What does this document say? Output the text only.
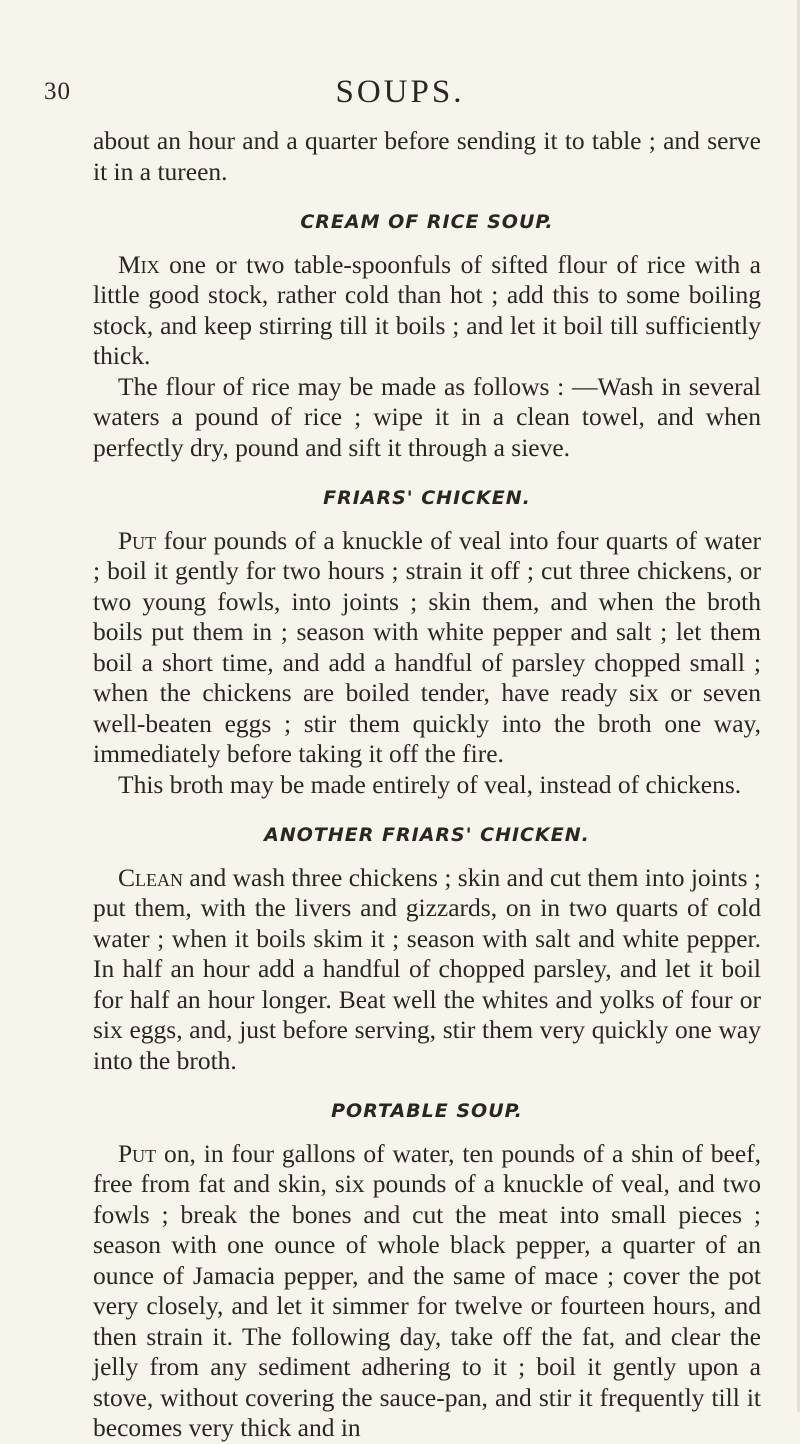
30	SOUPS.

about an hour and a quarter before sending it to table ; and serve it in a tureen.

CREAM OF RICE SOUP.

Mix one or two table-spoonfuls of sifted flour of rice with a little good stock, rather cold than hot ; add this to some boiling stock, and keep stirring till it boils ; and let it boil till sufficiently thick.

The flour of rice may be made as follows : —Wash in several waters a pound of rice ; wipe it in a clean towel, and when perfectly dry, pound and sift it through a sieve.

FRIARS' CHICKEN.

Put four pounds of a knuckle of veal into four quarts of water ; boil it gently for two hours ; strain it off ; cut three chickens, or two young fowls, into joints ; skin them, and when the broth boils put them in ; season with white pepper and salt ; let them boil a short time, and add a handful of parsley chopped small ; when the chickens are boiled tender, have ready six or seven well-beaten eggs ; stir them quickly into the broth one way, immediately before taking it off the fire.

This broth may be made entirely of veal, instead of chickens.

ANOTHER FRIARS' CHICKEN.

Clean and wash three chickens ; skin and cut them into joints ; put them, with the livers and gizzards, on in two quarts of cold water ; when it boils skim it ; season with salt and white pepper. In half an hour add a handful of chopped parsley, and let it boil for half an hour longer. Beat well the whites and yolks of four or six eggs, and, just before serving, stir them very quickly one way into the broth.

PORTABLE SOUP.

Put on, in four gallons of water, ten pounds of a shin of beef, free from fat and skin, six pounds of a knuckle of veal, and two fowls ; break the bones and cut the meat into small pieces ; season with one ounce of whole black pepper, a quarter of an ounce of Jamacia pepper, and the same of mace ; cover the pot very closely, and let it simmer for twelve or fourteen hours, and then strain it. The following day, take off the fat, and clear the jelly from any sediment adhering to it ; boil it gently upon a stove, without covering the sauce-pan, and stir it frequently till it becomes very thick and in
